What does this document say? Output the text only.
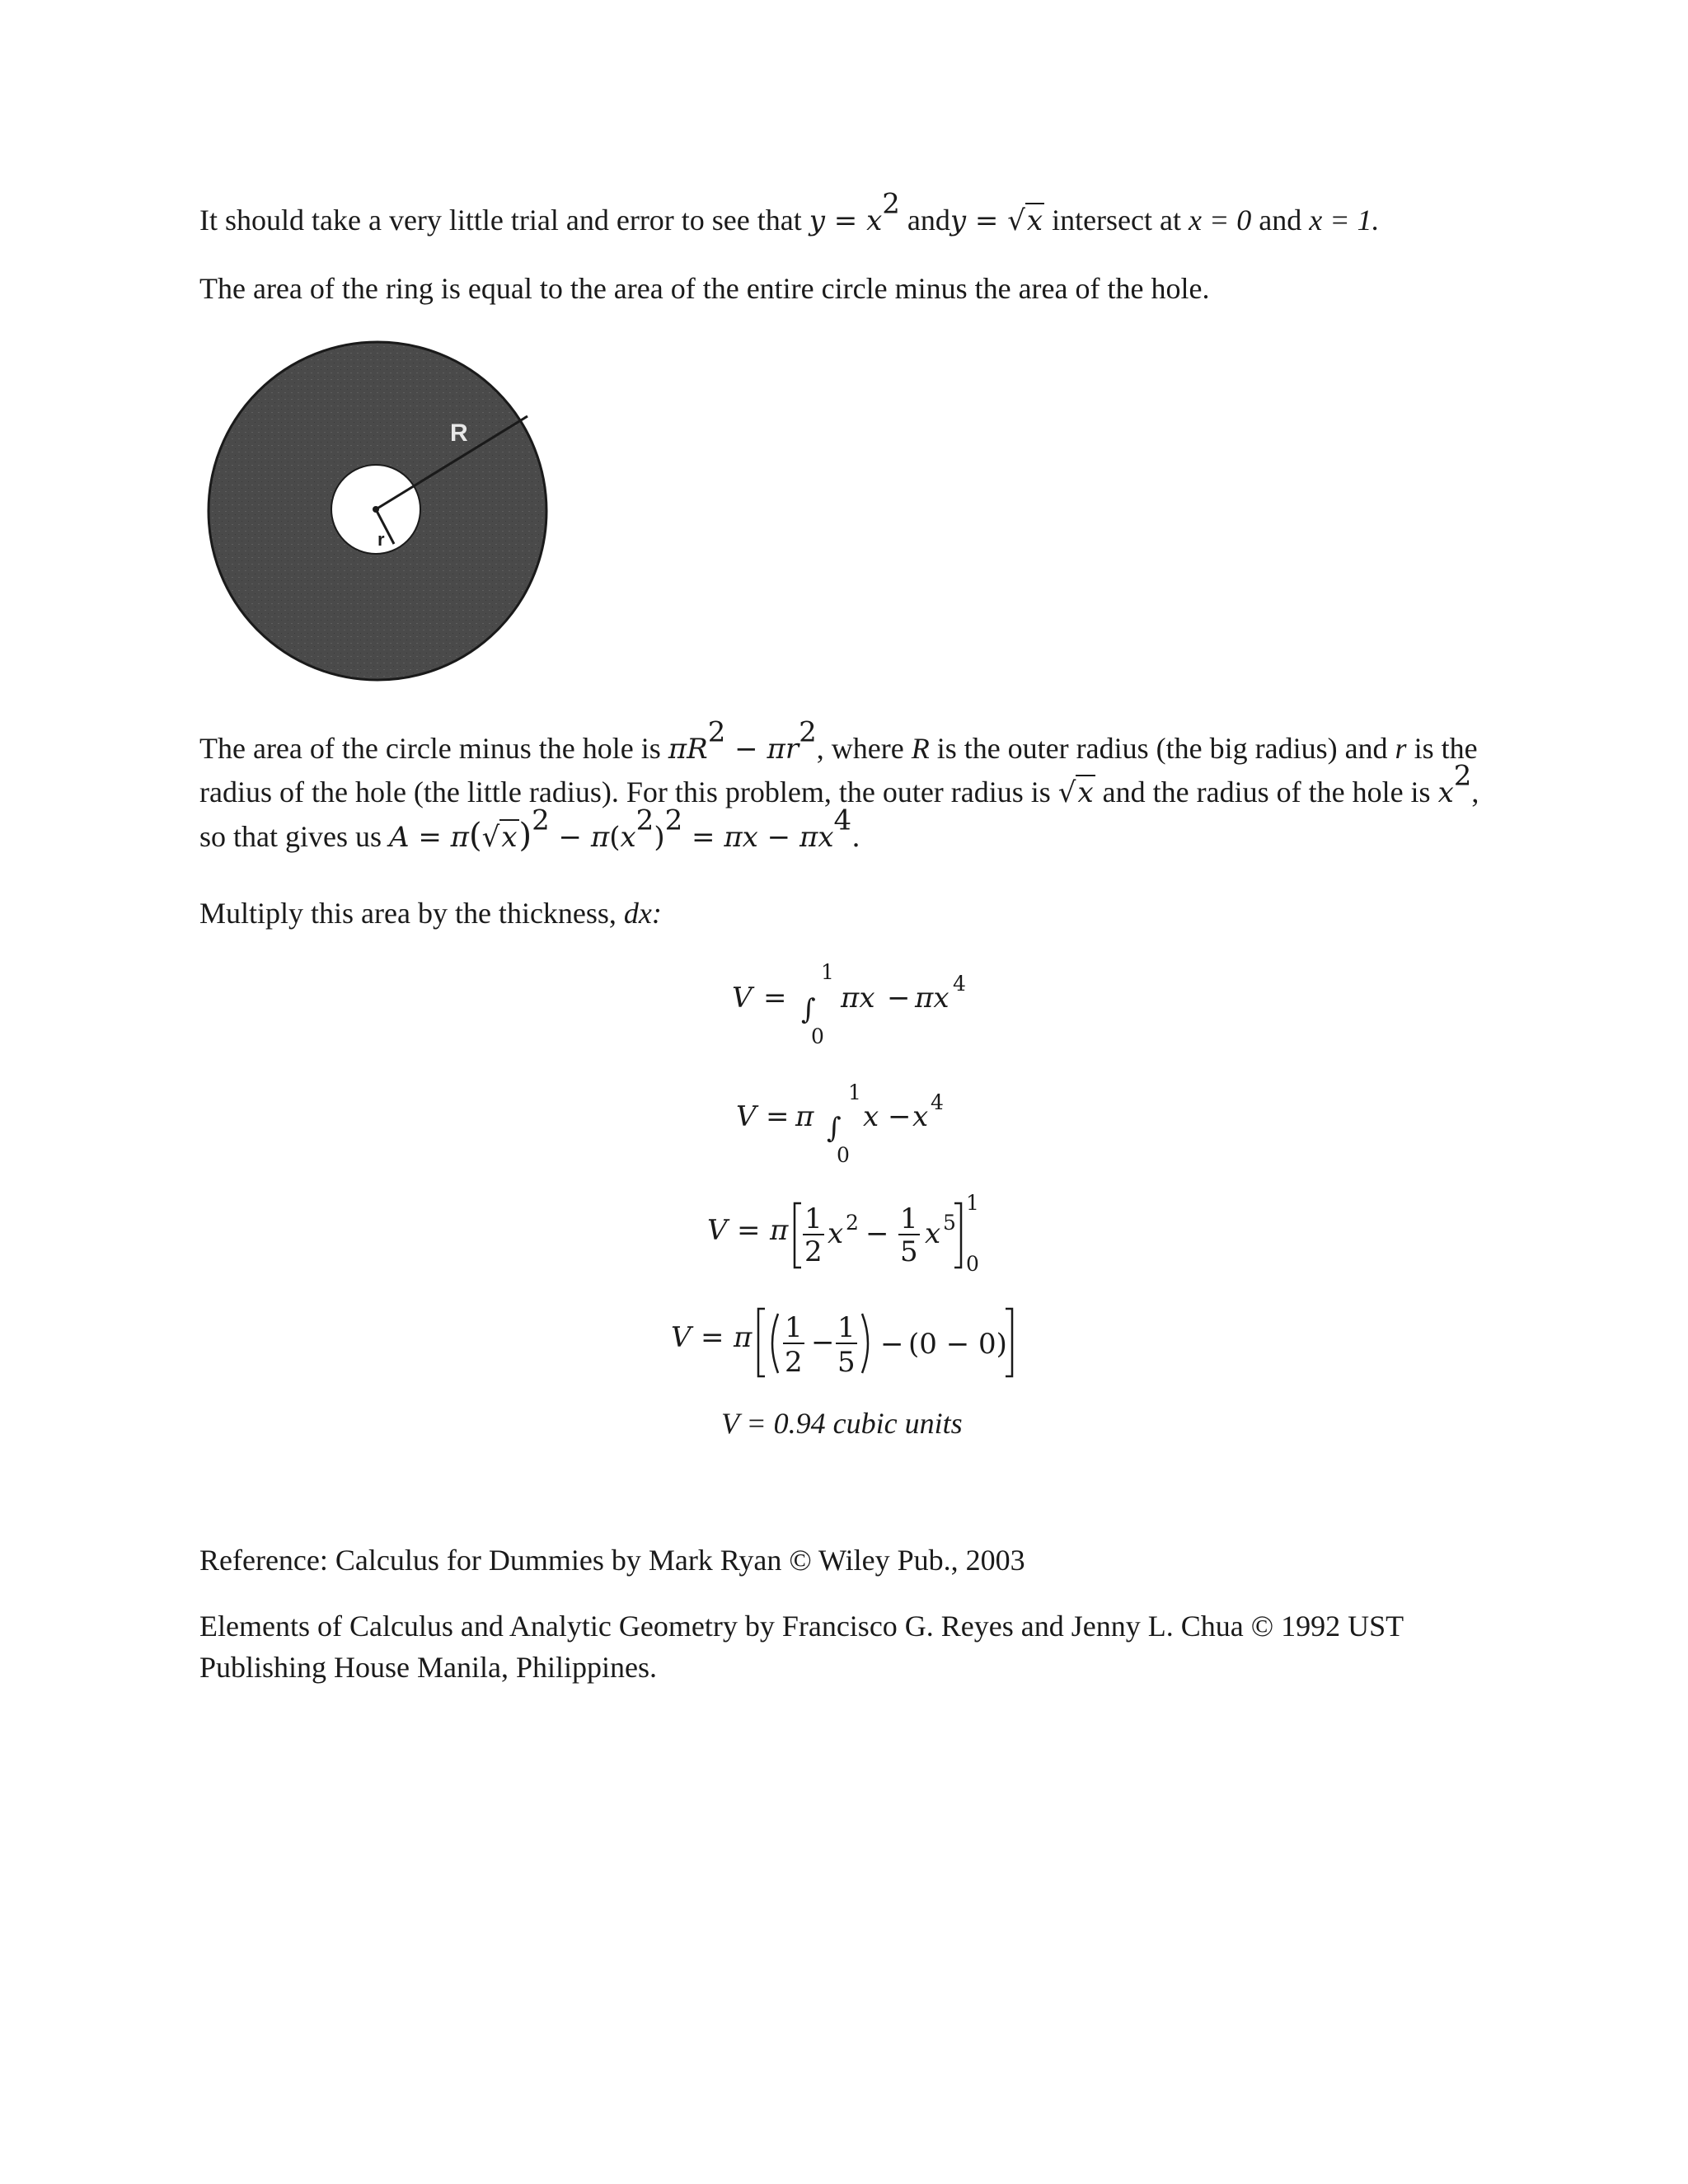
It should take a very little trial and error to see that $y = x^2$ andy = √x intersect at x = 0 and x = 1.
The area of the ring is equal to the area of the entire circle minus the area of the hole.
R
r
The area of the circle minus the hole is $\pi R^2 - \pi r^2$, where R is the outer radius (the big radius) and r is the radius of the hole (the little radius). For this problem, the outer radius is √x and the radius of the hole is $x^2$, so that gives us $A = \pi(√x)^2 - \pi(x^2)^2 = \pi x - \pi x^4$.
Multiply this area by the thickness, dx:
V = ∫
1
0
πx − πx 4
V = π ∫
1
0
x − x 4
V = π 1
2
x 2 − 1
5
x 5
1
0
V = π 1
2
− 1
5
− (0 − 0)
V = 0.94 cubic units
Reference: Calculus for Dummies by Mark Ryan © Wiley Pub., 2003
Elements of Calculus and Analytic Geometry by Francisco G. Reyes and Jenny L. Chua © 1992 UST Publishing House Manila, Philippines.
